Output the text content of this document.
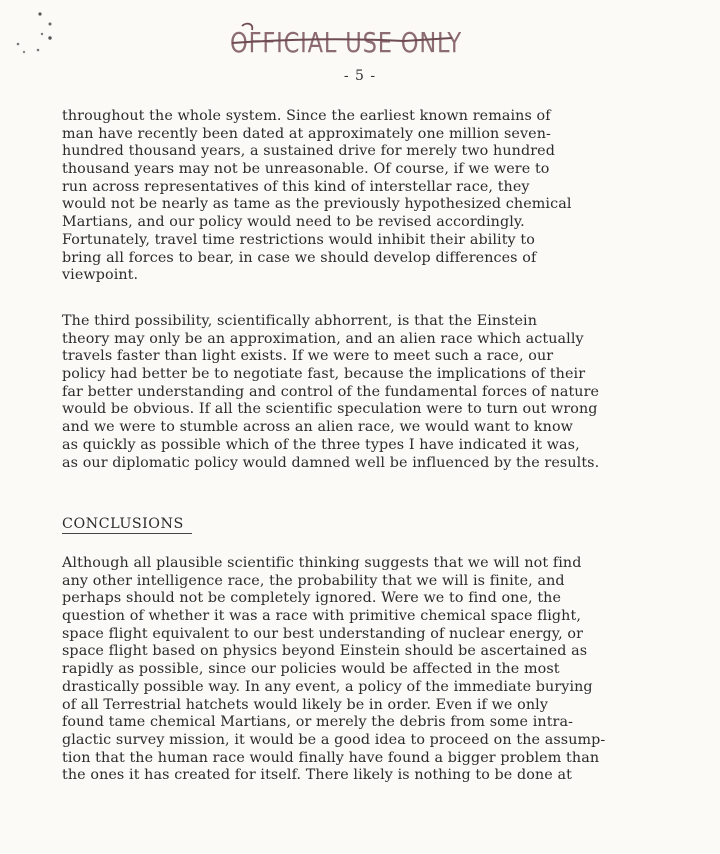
OFFICIAL USE ONLY
- 5 -
throughout the whole system. Since the earliest known remains of
man have recently been dated at approximately one million seven-
hundred thousand years, a sustained drive for merely two hundred
thousand years may not be unreasonable. Of course, if we were to
run across representatives of this kind of interstellar race, they
would not be nearly as tame as the previously hypothesized chemical
Martians, and our policy would need to be revised accordingly.
Fortunately, travel time restrictions would inhibit their ability to
bring all forces to bear, in case we should develop differences of
viewpoint.
The third possibility, scientifically abhorrent, is that the Einstein
theory may only be an approximation, and an alien race which actually
travels faster than light exists. If we were to meet such a race, our
policy had better be to negotiate fast, because the implications of their
far better understanding and control of the fundamental forces of nature
would be obvious. If all the scientific speculation were to turn out wrong
and we were to stumble across an alien race, we would want to know
as quickly as possible which of the three types I have indicated it was,
as our diplomatic policy would damned well be influenced by the results.
CONCLUSIONS
Although all plausible scientific thinking suggests that we will not find
any other intelligence race, the probability that we will is finite, and
perhaps should not be completely ignored. Were we to find one, the
question of whether it was a race with primitive chemical space flight,
space flight equivalent to our best understanding of nuclear energy, or
space flight based on physics beyond Einstein should be ascertained as
rapidly as possible, since our policies would be affected in the most
drastically possible way. In any event, a policy of the immediate burying
of all Terrestrial hatchets would likely be in order. Even if we only
found tame chemical Martians, or merely the debris from some intra-
glactic survey mission, it would be a good idea to proceed on the assump-
tion that the human race would finally have found a bigger problem than
the ones it has created for itself. There likely is nothing to be done at
